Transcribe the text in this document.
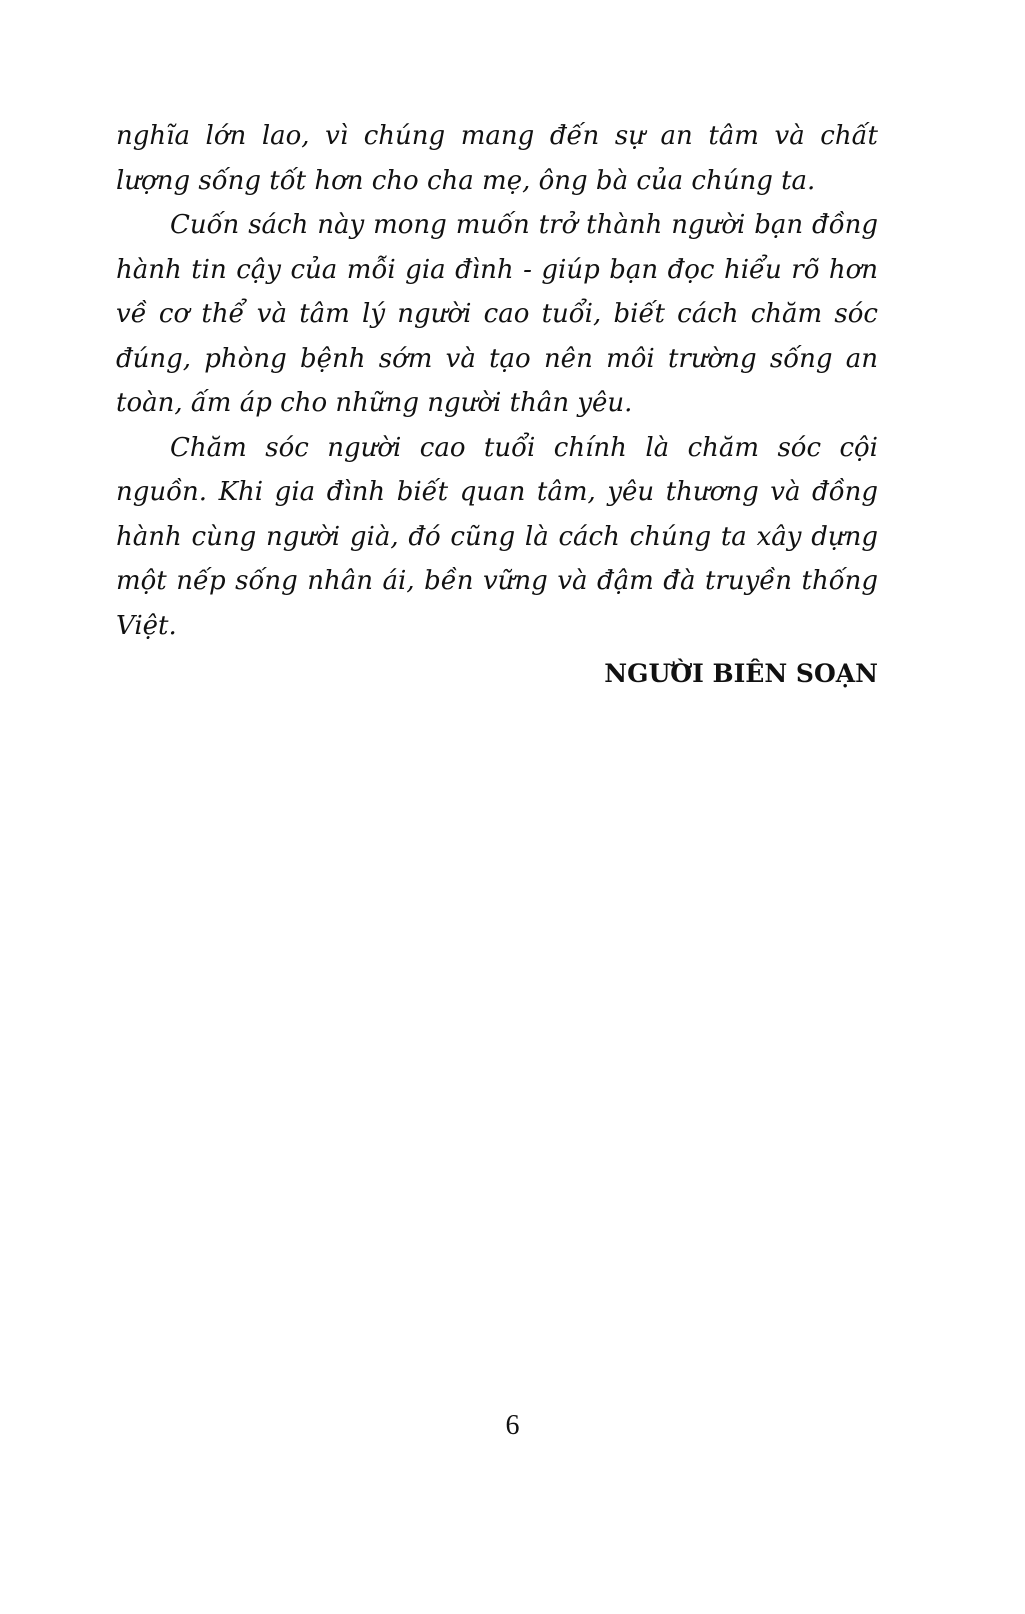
nghĩa lớn lao, vì chúng mang đến sự an tâm và chất lượng sống tốt hơn cho cha mẹ, ông bà của chúng ta.

Cuốn sách này mong muốn trở thành người bạn đồng hành tin cậy của mỗi gia đình - giúp bạn đọc hiểu rõ hơn về cơ thể và tâm lý người cao tuổi, biết cách chăm sóc đúng, phòng bệnh sớm và tạo nên môi trường sống an toàn, ấm áp cho những người thân yêu.

Chăm sóc người cao tuổi chính là chăm sóc cội nguồn. Khi gia đình biết quan tâm, yêu thương và đồng hành cùng người già, đó cũng là cách chúng ta xây dựng một nếp sống nhân ái, bền vững và đậm đà truyền thống Việt.

NGƯỜI BIÊN SOẠN

6
